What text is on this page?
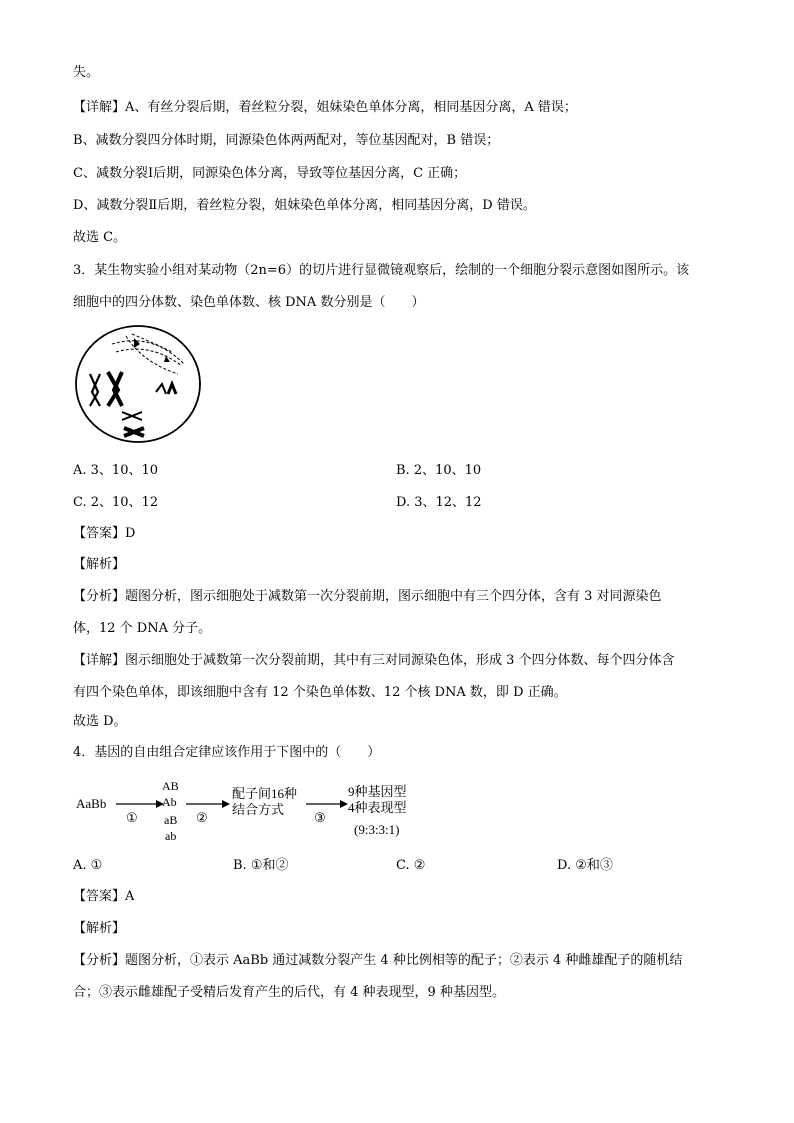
失。
【详解】A、有丝分裂后期，着丝粒分裂，姐妹染色单体分离，相同基因分离，A 错误；
B、减数分裂四分体时期，同源染色体两两配对，等位基因配对，B 错误；
C、减数分裂Ⅰ后期，同源染色体分离，导致等位基因分离，C 正确；
D、减数分裂Ⅱ后期，着丝粒分裂，姐妹染色单体分离，相同基因分离，D 错误。
故选 C。
3．某生物实验小组对某动物（2n=6）的切片进行显微镜观察后，绘制的一个细胞分裂示意图如图所示。该
细胞中的四分体数、染色单体数、核 DNA 数分别是（　　）
A. 3、10、10	B. 2、10、10
C. 2、10、12	D. 3、12、12
【答案】D
【解析】
【分析】题图分析，图示细胞处于减数第一次分裂前期，图示细胞中有三个四分体，含有 3 对同源染色
体，12 个 DNA 分子。
【详解】图示细胞处于减数第一次分裂前期，其中有三对同源染色体，形成 3 个四分体数、每个四分体含
有四个染色单体，即该细胞中含有 12 个染色单体数、12 个核 DNA 数，即 D 正确。
故选 D。
4．基因的自由组合定律应该作用于下图中的（　　）
AaBb
①
AB
Ab
aB
ab
②
配子间16种
结合方式
③
9种基因型
4种表现型
(9:3:3:1)
A. ①	B. ①和②	C. ②	D. ②和③
【答案】A
【解析】
【分析】题图分析，①表示 AaBb 通过减数分裂产生 4 种比例相等的配子；②表示 4 种雌雄配子的随机结
合；③表示雌雄配子受精后发育产生的后代，有 4 种表现型，9 种基因型。
